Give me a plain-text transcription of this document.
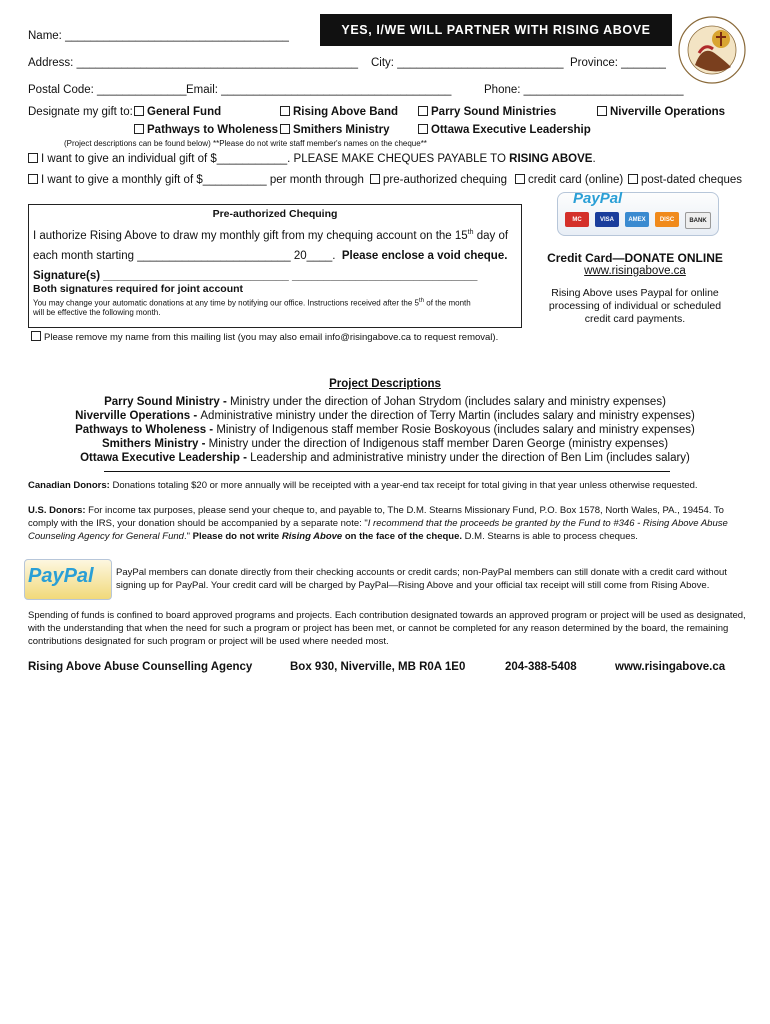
Name: ___________________________________	YES, I/WE WILL PARTNER WITH RISING ABOVE
Address: ____________________________________________ City: __________________________ Province: _______
Postal Code: ______________ Email: ____________________________________	Phone: _________________________
Designate my gift to:	General Fund	Rising Above Band	Parry Sound Ministries	Niverville Operations
Pathways to Wholeness	Smithers Ministry	Ottawa Executive Leadership
(Project descriptions can be found below) **Please do not write staff member's names on the cheque**
I want to give an individual gift of $___________. PLEASE MAKE CHEQUES PAYABLE TO RISING ABOVE.
I want to give a monthly gift of $__________ per month through	pre-authorized chequing	credit card (online)	post-dated cheques
Pre-authorized Chequing
I authorize Rising Above to draw my monthly gift from my chequing account on the 15th day of
each month starting ________________________ 20____. Please enclose a void cheque.
Signature(s) _____________________________ _____________________________
Both signatures required for joint account
You may change your automatic donations at any time by notifying our office. Instructions received after the 5th of the month
will be effective the following month.
Please remove my name from this mailing list (you may also email info@risingabove.ca to request removal).
PayPal
MC	VISA	AMEX	DISC	BANK
Credit Card—DONATE ONLINE
www.risingabove.ca
Rising Above uses Paypal for online
processing of individual or scheduled
credit card payments.
Project Descriptions
Parry Sound Ministry - Ministry under the direction of Johan Strydom (includes salary and ministry expenses)
Niverville Operations - Administrative ministry under the direction of Terry Martin (includes salary and ministry expenses)
Pathways to Wholeness - Ministry of Indigenous staff member Rosie Boskoyous (includes salary and ministry expenses)
Smithers Ministry - Ministry under the direction of Indigenous staff member Daren George (ministry expenses)
Ottawa Executive Leadership - Leadership and administrative ministry under the direction of Ben Lim (includes salary)
Canadian Donors: Donations totaling $20 or more annually will be receipted with a year-end tax receipt for total giving in that year unless otherwise requested.
U.S. Donors: For income tax purposes, please send your cheque to, and payable to, The D.M. Stearns Missionary Fund, P.O. Box 1578, North Wales, PA., 19454. To comply with the IRS, your donation should be accompanied by a separate note: "I recommend that the proceeds be granted by the Fund to #346 - Rising Above Abuse Counseling Agency for General Fund." Please do not write Rising Above on the face of the cheque. D.M. Stearns is able to process cheques.
PayPal PayPal members can donate directly from their checking accounts or credit cards; non-PayPal members can still donate with a credit card without signing up for PayPal. Your credit card will be charged by PayPal—Rising Above and your official tax receipt will still come from Rising Above.
Spending of funds is confined to board approved programs and projects. Each contribution designated towards an approved program or project will be used as designated, with the understanding that when the need for such a program or project has been met, or cannot be completed for any reason determined by the board, the remaining contributions designated for such program or project will be used where needed most.
Rising Above Abuse Counselling Agency	Box 930, Niverville, MB R0A 1E0	204-388-5408	www.risingabove.ca
